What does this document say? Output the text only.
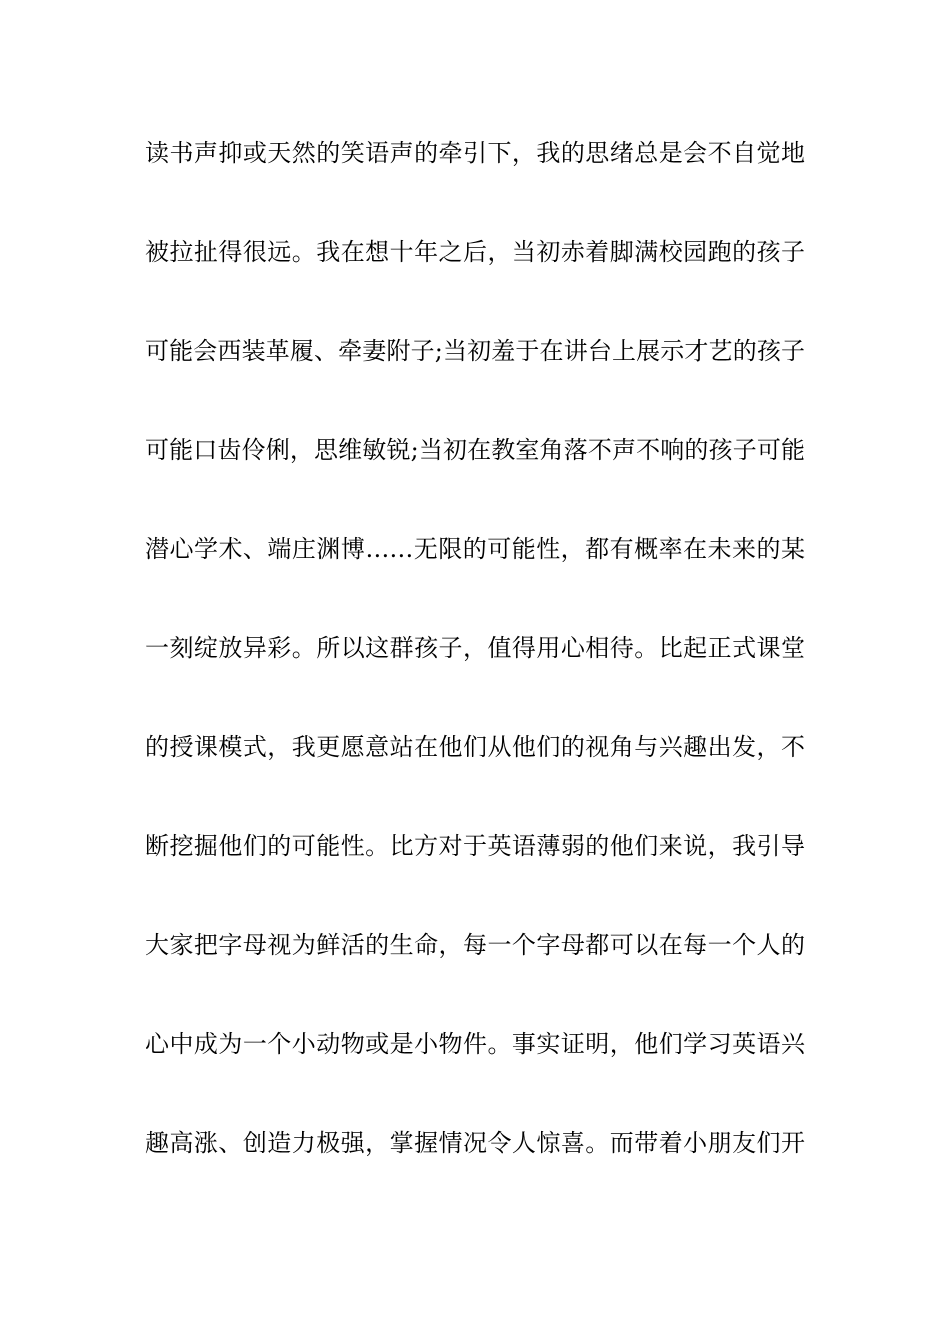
读书声抑或天然的笑语声的牵引下，我的思绪总是会不自觉地
被拉扯得很远。我在想十年之后，当初赤着脚满校园跑的孩子
可能会西装革履、牵妻附子;当初羞于在讲台上展示才艺的孩子
可能口齿伶俐，思维敏锐;当初在教室角落不声不响的孩子可能
潜心学术、端庄渊博……无限的可能性，都有概率在未来的某
一刻绽放异彩。所以这群孩子，值得用心相待。比起正式课堂
的授课模式，我更愿意站在他们从他们的视角与兴趣出发，不
断挖掘他们的可能性。比方对于英语薄弱的他们来说，我引导
大家把字母视为鲜活的生命，每一个字母都可以在每一个人的
心中成为一个小动物或是小物件。事实证明，他们学习英语兴
趣高涨、创造力极强，掌握情况令人惊喜。而带着小朋友们开
